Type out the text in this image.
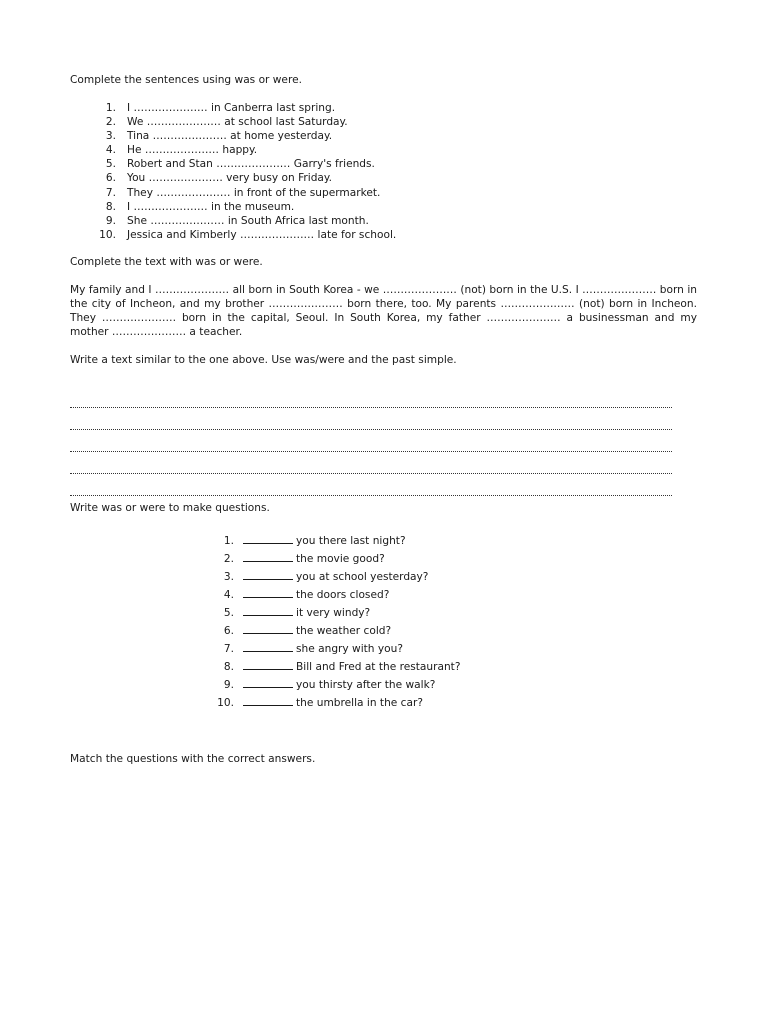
Complete the sentences using was or were.

1. I ………………… in Canberra last spring.
2. We ………………… at school last Saturday.
3. Tina ………………… at home yesterday.
4. He ………………… happy.
5. Robert and Stan ………………… Garry's friends.
6. You ………………… very busy on Friday.
7. They ………………… in front of the supermarket.
8. I ………………… in the museum.
9. She ………………… in South Africa last month.
10. Jessica and Kimberly ………………… late for school.

Complete the text with was or were.

My family and I ………………… all born in South Korea - we ………………… (not) born in the U.S. I ………………… born in the city of Incheon, and my brother ………………… born there, too. My parents ………………… (not) born in Incheon. They ………………… born in the capital, Seoul. In South Korea, my father ………………… a businessman and my mother ………………… a teacher.

Write a text similar to the one above. Use was/were and the past simple.

Write was or were to make questions.

1.	you there last night?
2.	the movie good?
3.	you at school yesterday?
4.	the doors closed?
5.	it very windy?
6.	the weather cold?
7.	she angry with you?
8.	Bill and Fred at the restaurant?
9.	you thirsty after the walk?
10.	the umbrella in the car?

Match the questions with the correct answers.
